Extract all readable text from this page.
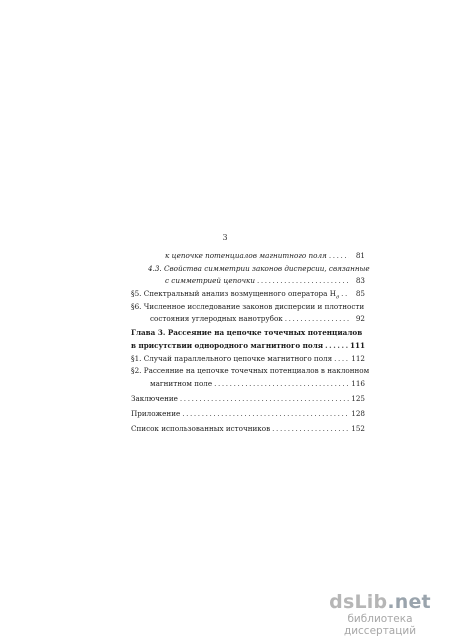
3
к цепочке потенциалов магнитного поля .....	81
4.3. Свойства симметрии законов дисперсии, связанные
с симметрией цепочки .....	83
§5. Спектральный анализ возмущенного оператора $H_д$ .....	85
§6. Численное исследование законов дисперсии и плотности
состояния углеродных нанотрубок .....	92
Глава 3. Рассеяние на цепочке точечных потенциалов
в присутствии однородного магнитного поля .....	111
§1. Случай параллельного цепочке магнитного поля .....	112
§2. Рассеяние на цепочке точечных потенциалов в наклонном
магнитном поле .....	116
Заключение .....	125
Приложение .....	128
Список использованных источников .....	152
dsLib.net
библиотека диссертаций
